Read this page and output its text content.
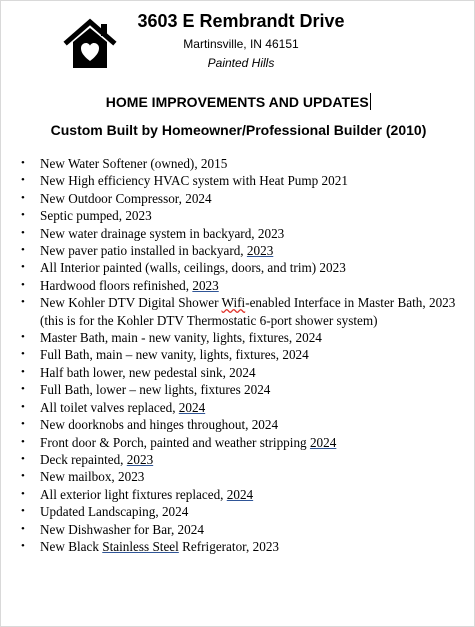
3603 E Rembrandt Drive
Martinsville, IN 46151
Painted Hills
HOME IMPROVEMENTS AND UPDATES
Custom Built by Homeowner/Professional Builder (2010)
• New Water Softener (owned), 2015
• New High efficiency HVAC system with Heat Pump 2021
• New Outdoor Compressor, 2024
• Septic pumped, 2023
• New water drainage system in backyard, 2023
• New paver patio installed in backyard, 2023
• All Interior painted (walls, ceilings, doors, and trim) 2023
• Hardwood floors refinished, 2023
• New Kohler DTV Digital Shower Wifi-enabled Interface in Master Bath, 2023 (this is for the Kohler DTV Thermostatic 6-port shower system)
• Master Bath, main - new vanity, lights, fixtures, 2024
• Full Bath, main – new vanity, lights, fixtures, 2024
• Half bath lower, new pedestal sink, 2024
• Full Bath, lower – new lights, fixtures 2024
• All toilet valves replaced, 2024
• New doorknobs and hinges throughout, 2024
• Front door & Porch, painted and weather stripping 2024
• Deck repainted, 2023
• New mailbox, 2023
• All exterior light fixtures replaced, 2024
• Updated Landscaping, 2024
• New Dishwasher for Bar, 2024
• New Black Stainless Steel Refrigerator, 2023
